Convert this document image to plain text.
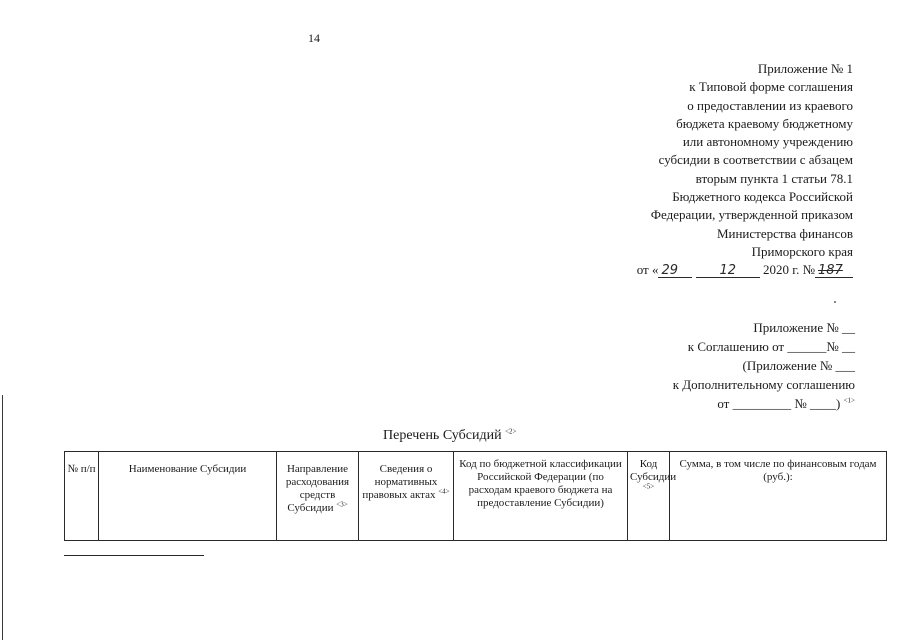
14
Приложение № 1
к Типовой форме соглашения
о предоставлении из краевого
бюджета краевому бюджетному
или автономному учреждению
субсидии в соответствии с абзацем
вторым пункта 1 статьи 78.1
Бюджетного кодекса Российской
Федерации, утвержденной приказом
Министерства финансов
Приморского края
от « 29	12 2020 г. № 187
Приложение № __
к Соглашению от ______№ __
(Приложение № ___
к Дополнительному соглашению
от _________ № ____) $^{<1>}$
Перечень Субсидий $^{<2>}$
№ п/п	Наименование Субсидии	Направление расходования средств Субсидии $^{<3>}$	Сведения о нормативных правовых актах $^{<4>}$	Код по бюджетной классификации Российской Федерации (по расходам краевого бюджета на предоставление Субсидии)	Код Субсидии $^{<5>}$	Сумма, в том числе по финансовым годам (руб.):
